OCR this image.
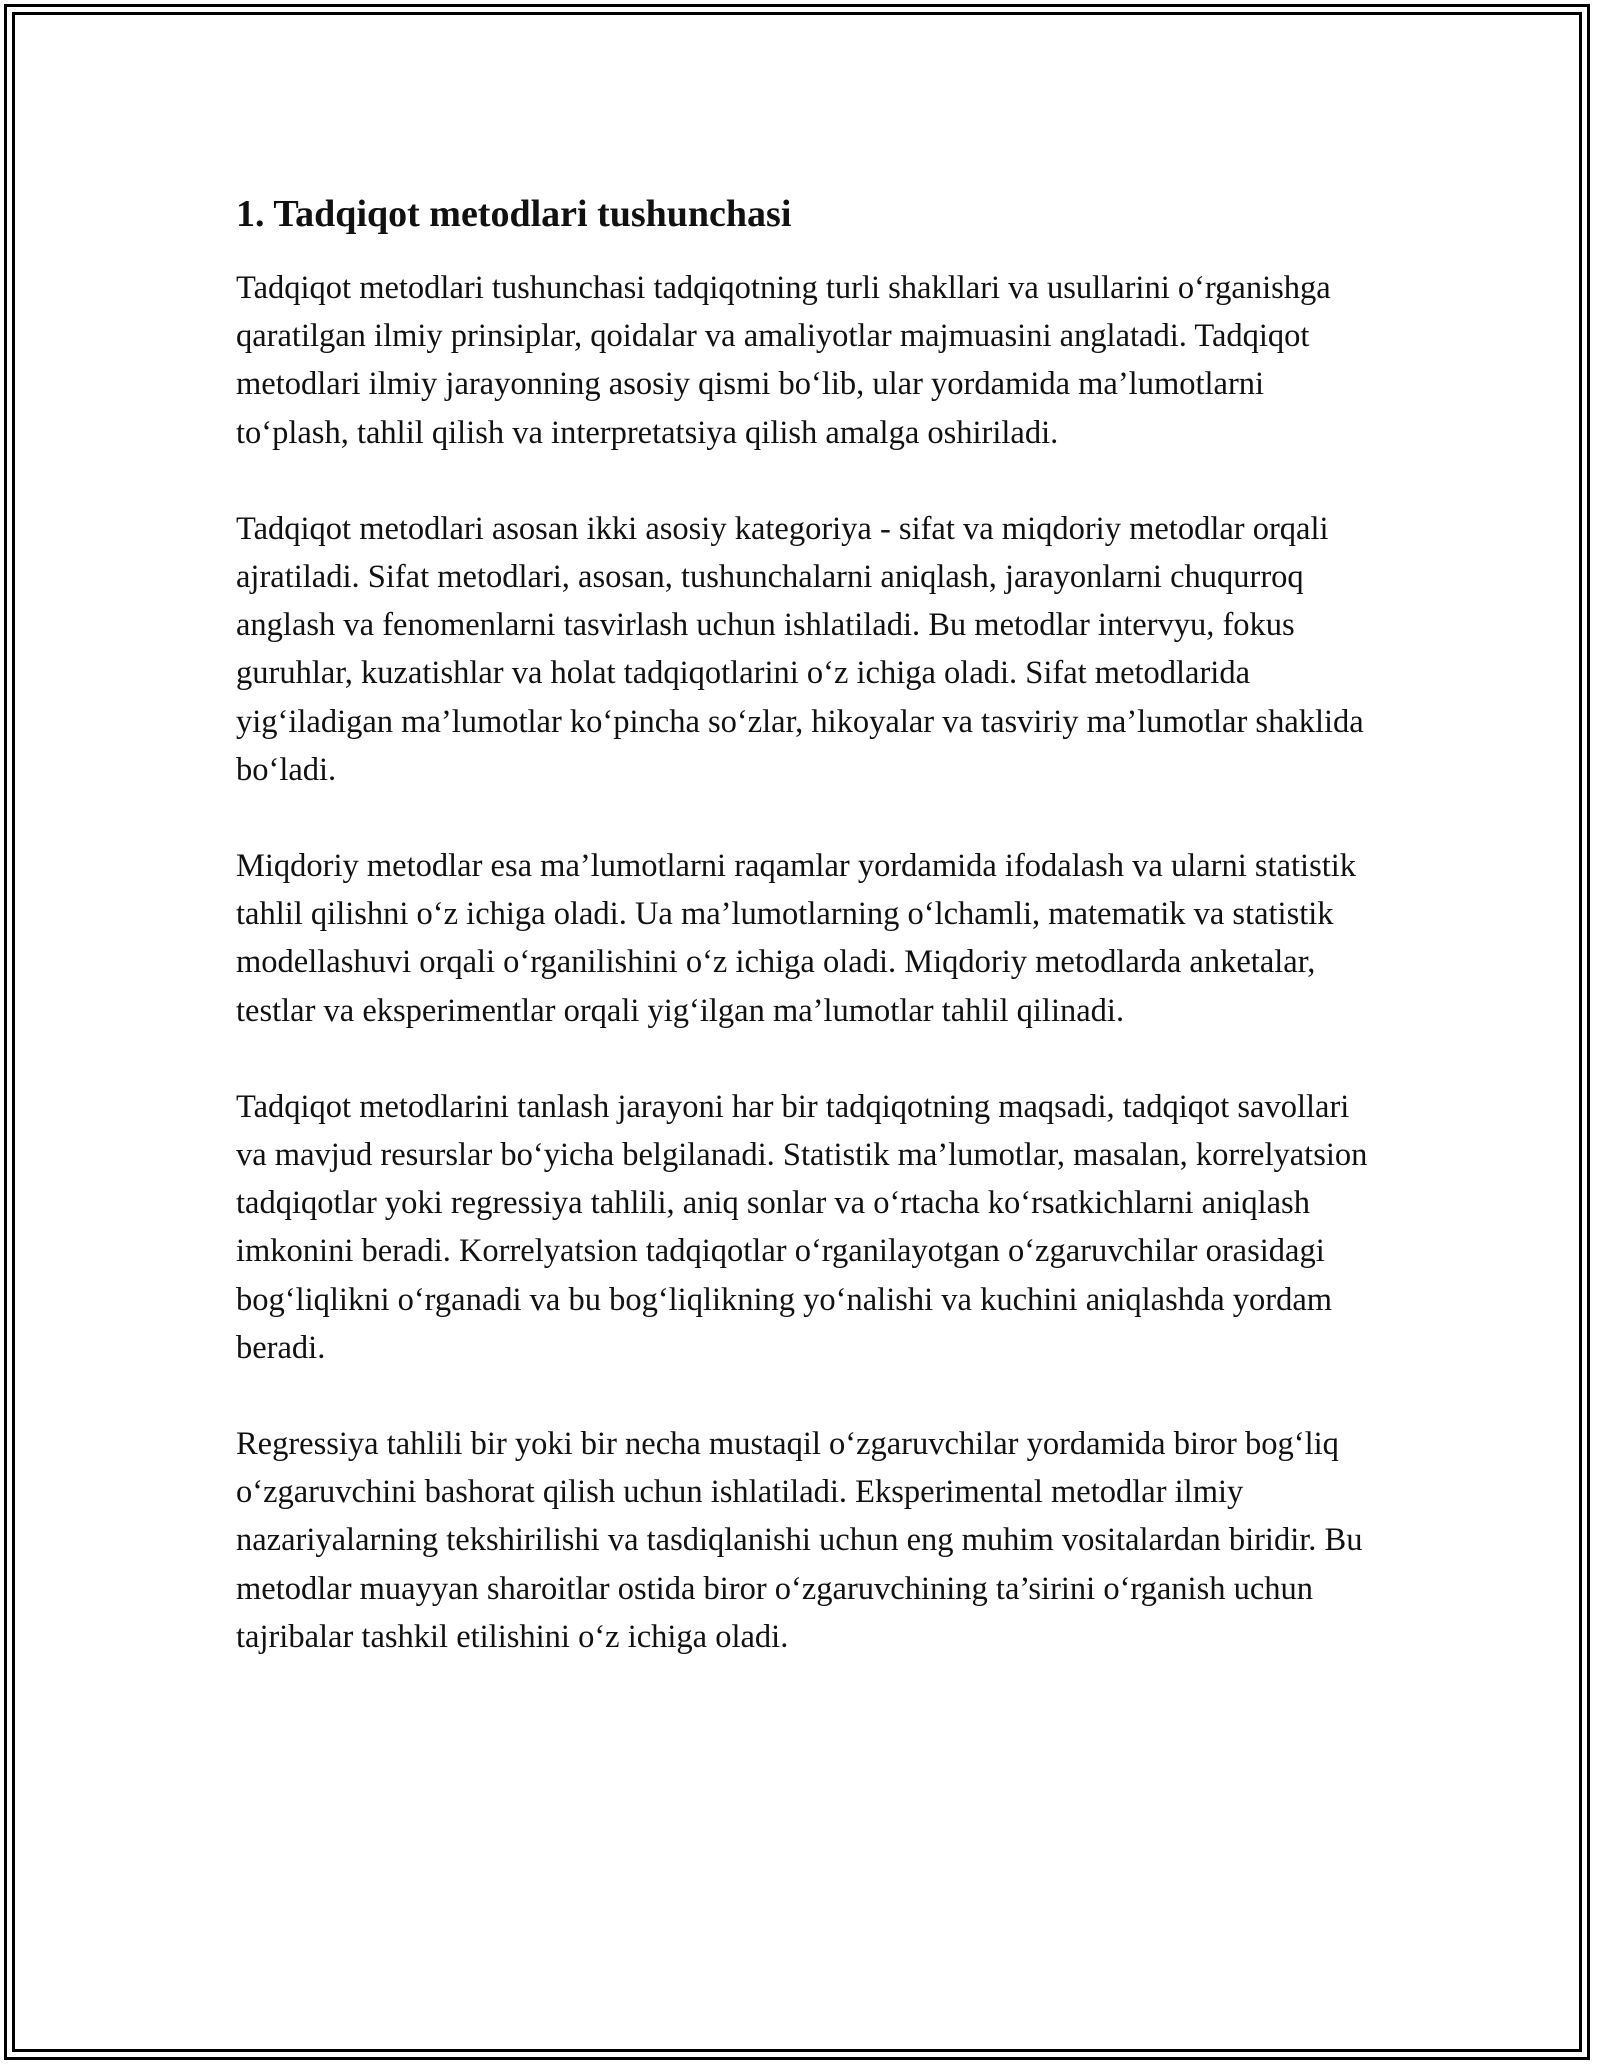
1. Tadqiqot metodlari tushunchasi

Tadqiqot metodlari tushunchasi tadqiqotning turli shakllari va usullarini o‘rganishga qaratilgan ilmiy prinsiplar, qoidalar va amaliyotlar majmuasini anglatadi. Tadqiqot metodlari ilmiy jarayonning asosiy qismi bo‘lib, ular yordamida ma’lumotlarni to‘plash, tahlil qilish va interpretatsiya qilish amalga oshiriladi.

Tadqiqot metodlari asosan ikki asosiy kategoriya - sifat va miqdoriy metodlar orqali ajratiladi. Sifat metodlari, asosan, tushunchalarni aniqlash, jarayonlarni chuqurroq anglash va fenomenlarni tasvirlash uchun ishlatiladi. Bu metodlar intervyu, fokus guruhlar, kuzatishlar va holat tadqiqotlarini o‘z ichiga oladi. Sifat metodlarida yig‘iladigan ma’lumotlar ko‘pincha so‘zlar, hikoyalar va tasviriy ma’lumotlar shaklida bo‘ladi.

Miqdoriy metodlar esa ma’lumotlarni raqamlar yordamida ifodalash va ularni statistik tahlil qilishni o‘z ichiga oladi. Ua ma’lumotlarning o‘lchamli, matematik va statistik modellashuvi orqali o‘rganilishini o‘z ichiga oladi. Miqdoriy metodlarda anketalar, testlar va eksperimentlar orqali yig‘ilgan ma’lumotlar tahlil qilinadi.

Tadqiqot metodlarini tanlash jarayoni har bir tadqiqotning maqsadi, tadqiqot savollari va mavjud resurslar bo‘yicha belgilanadi. Statistik ma’lumotlar, masalan, korrelyatsion tadqiqotlar yoki regressiya tahlili, aniq sonlar va o‘rtacha ko‘rsatkichlarni aniqlash imkonini beradi. Korrelyatsion tadqiqotlar o‘rganilayotgan o‘zgaruvchilar orasidagi bog‘liqlikni o‘rganadi va bu bog‘liqlikning yo‘nalishi va kuchini aniqlashda yordam beradi.

Regressiya tahlili bir yoki bir necha mustaqil o‘zgaruvchilar yordamida biror bog‘liq o‘zgaruvchini bashorat qilish uchun ishlatiladi. Eksperimental metodlar ilmiy nazariyalarning tekshirilishi va tasdiqlanishi uchun eng muhim vositalardan biridir. Bu metodlar muayyan sharoitlar ostida biror o‘zgaruvchining ta’sirini o‘rganish uchun tajribalar tashkil etilishini o‘z ichiga oladi.
